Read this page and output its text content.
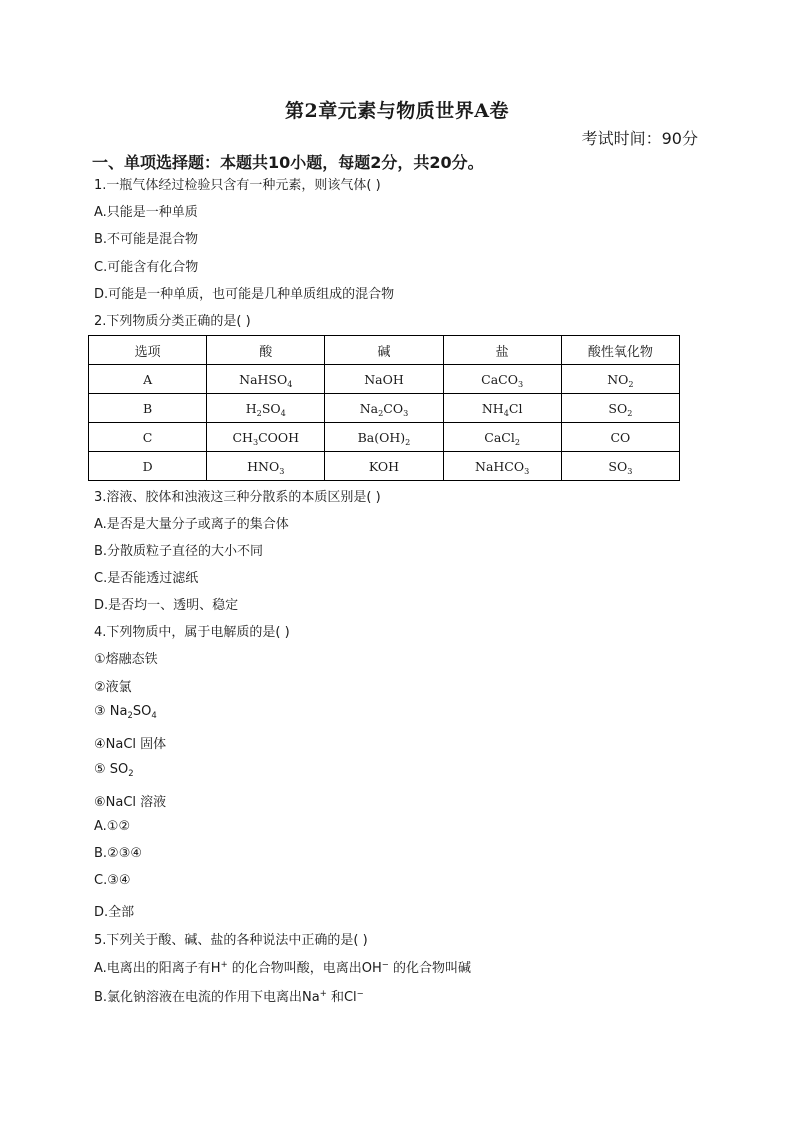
第2章元素与物质世界A卷
考试时间：90分
一、单项选择题：本题共10小题，每题2分，共20分。
1.一瓶气体经过检验只含有一种元素，则该气体( )
A.只能是一种单质
B.不可能是混合物
C.可能含有化合物
D.可能是一种单质，也可能是几种单质组成的混合物
2.下列物质分类正确的是( )
选项	酸	碱	盐	酸性氧化物
A	NaHSO$_4$	NaOH	CaCO$_3$	$NO_2$
B	$H_2SO_4$	$Na_2CO_3$	$NH_4Cl$	$SO_2$
C	$CH_3COOH$	$Ba(OH)_2$	CaCl$_2$	CO
D	$HNO_3$	KOH	NaHCO$_3$	$SO_3$
3.溶液、胶体和浊液这三种分散系的本质区别是( )
A.是否是大量分子或离子的集合体
B.分散质粒子直径的大小不同
C.是否能透过滤纸
D.是否均一、透明、稳定
4.下列物质中，属于电解质的是( )
①熔融态铁
②液氯
③ $Na_2SO_4$
④NaCl 固体
⑤ $SO_2$
⑥NaCl 溶液
A.①②
B.②③④
C.③④
D.全部
5.下列关于酸、碱、盐的各种说法中正确的是( )
A.电离出的阳离子有H+ 的化合物叫酸，电离出OH− 的化合物叫碱
B.氯化钠溶液在电流的作用下电离出Na+ 和Cl−
